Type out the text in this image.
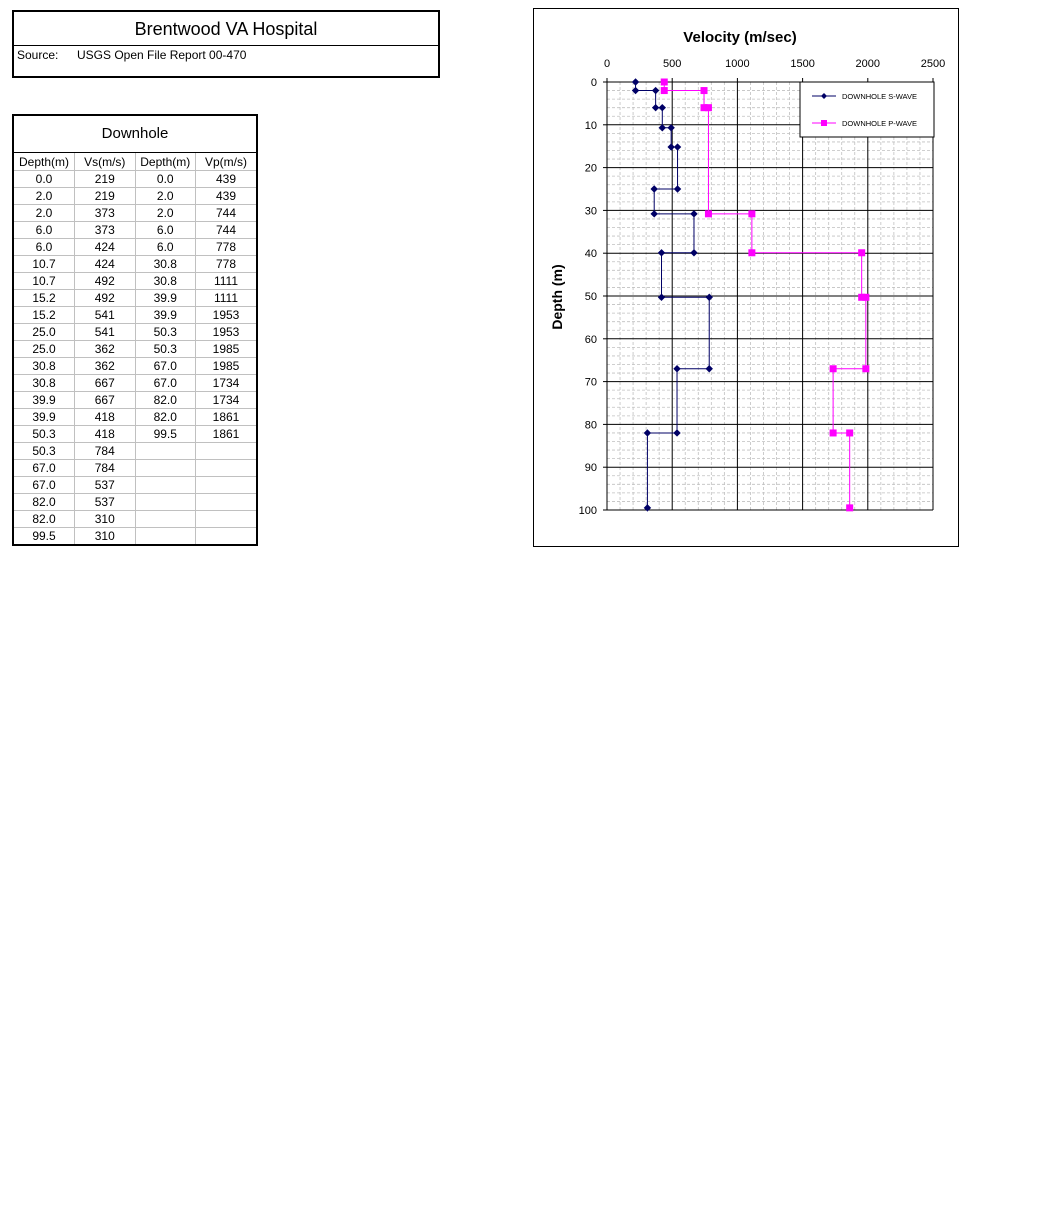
Brentwood VA Hospital
Source: USGS Open File Report 00-470
Downhole
Depth(m)	Vs(m/s)	Depth(m)	Vp(m/s)
0.0	219	0.0	439
2.0	219	2.0	439
2.0	373	2.0	744
6.0	373	6.0	744
6.0	424	6.0	778
10.7	424	30.8	778
10.7	492	30.8	1111
15.2	492	39.9	1111
15.2	541	39.9	1953
25.0	541	50.3	1953
25.0	362	50.3	1985
30.8	362	67.0	1985
30.8	667	67.0	1734
39.9	667	82.0	1734
39.9	418	82.0	1861
50.3	418	99.5	1861
50.3	784		
67.0	784		
67.0	537		
82.0	537		
82.0	310		
99.5	310		
0	500	1000	1500	2000	2500
0
10
20
30
40
50
60
70
80
90
100
Velocity (m/sec)
Depth (m)
DOWNHOLE S-WAVE
DOWNHOLE P-WAVE
